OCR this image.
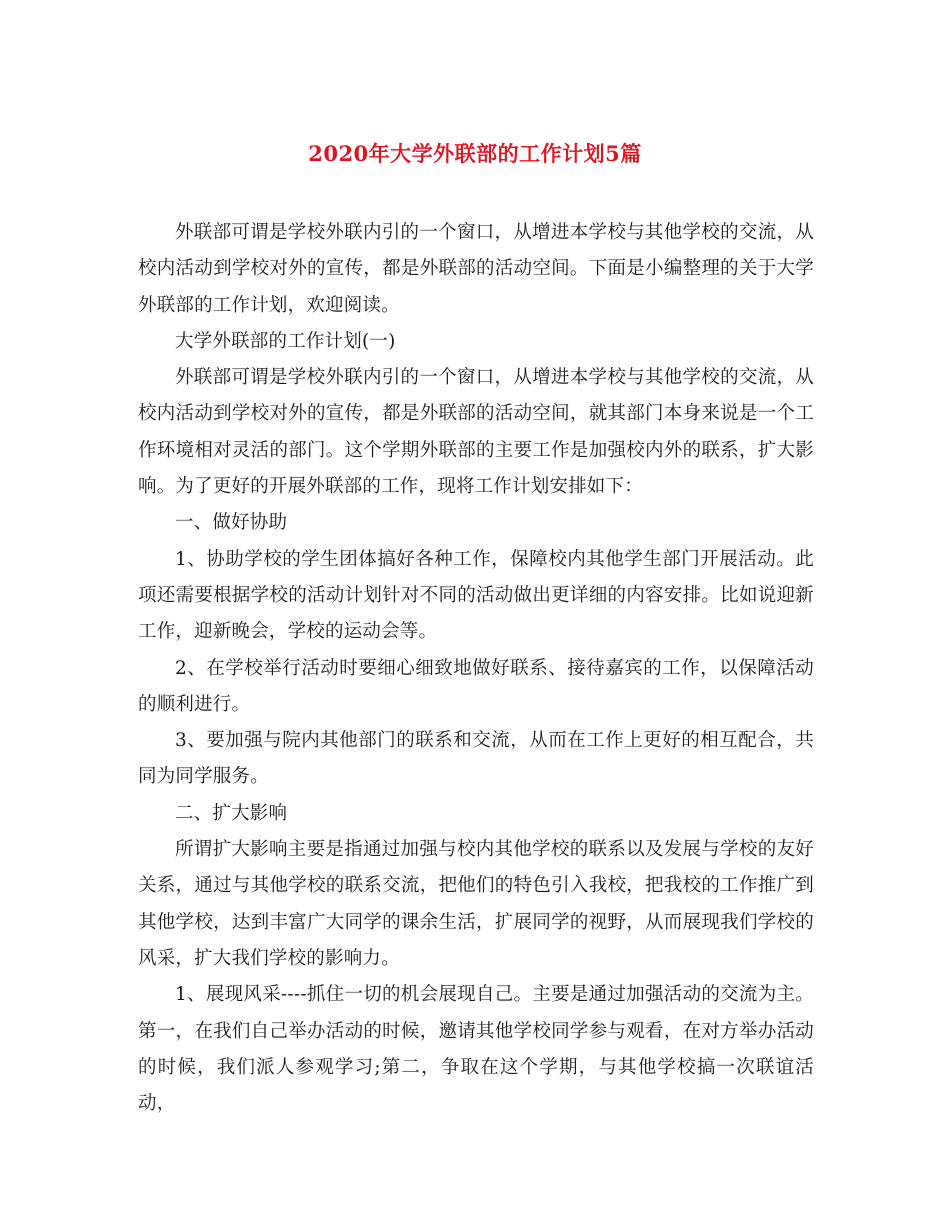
2020年大学外联部的工作计划5篇

外联部可谓是学校外联内引的一个窗口，从增进本学校与其他学校的交流，从校内活动到学校对外的宣传，都是外联部的活动空间。下面是小编整理的关于大学外联部的工作计划，欢迎阅读。

大学外联部的工作计划(一)

外联部可谓是学校外联内引的一个窗口，从增进本学校与其他学校的交流，从校内活动到学校对外的宣传，都是外联部的活动空间，就其部门本身来说是一个工作环境相对灵活的部门。这个学期外联部的主要工作是加强校内外的联系，扩大影响。为了更好的开展外联部的工作，现将工作计划安排如下：

一、做好协助

1、协助学校的学生团体搞好各种工作，保障校内其他学生部门开展活动。此项还需要根据学校的活动计划针对不同的活动做出更详细的内容安排。比如说迎新工作，迎新晚会，学校的运动会等。

2、在学校举行活动时要细心细致地做好联系、接待嘉宾的工作，以保障活动的顺利进行。

3、要加强与院内其他部门的联系和交流，从而在工作上更好的相互配合，共同为同学服务。

二、扩大影响

所谓扩大影响主要是指通过加强与校内其他学校的联系以及发展与学校的友好关系，通过与其他学校的联系交流，把他们的特色引入我校，把我校的工作推广到其他学校，达到丰富广大同学的课余生活，扩展同学的视野，从而展现我们学校的风采，扩大我们学校的影响力。

1、展现风采----抓住一切的机会展现自己。主要是通过加强活动的交流为主。第一，在我们自己举办活动的时候，邀请其他学校同学参与观看，在对方举办活动的时候，我们派人参观学习;第二，争取在这个学期，与其他学校搞一次联谊活动，
